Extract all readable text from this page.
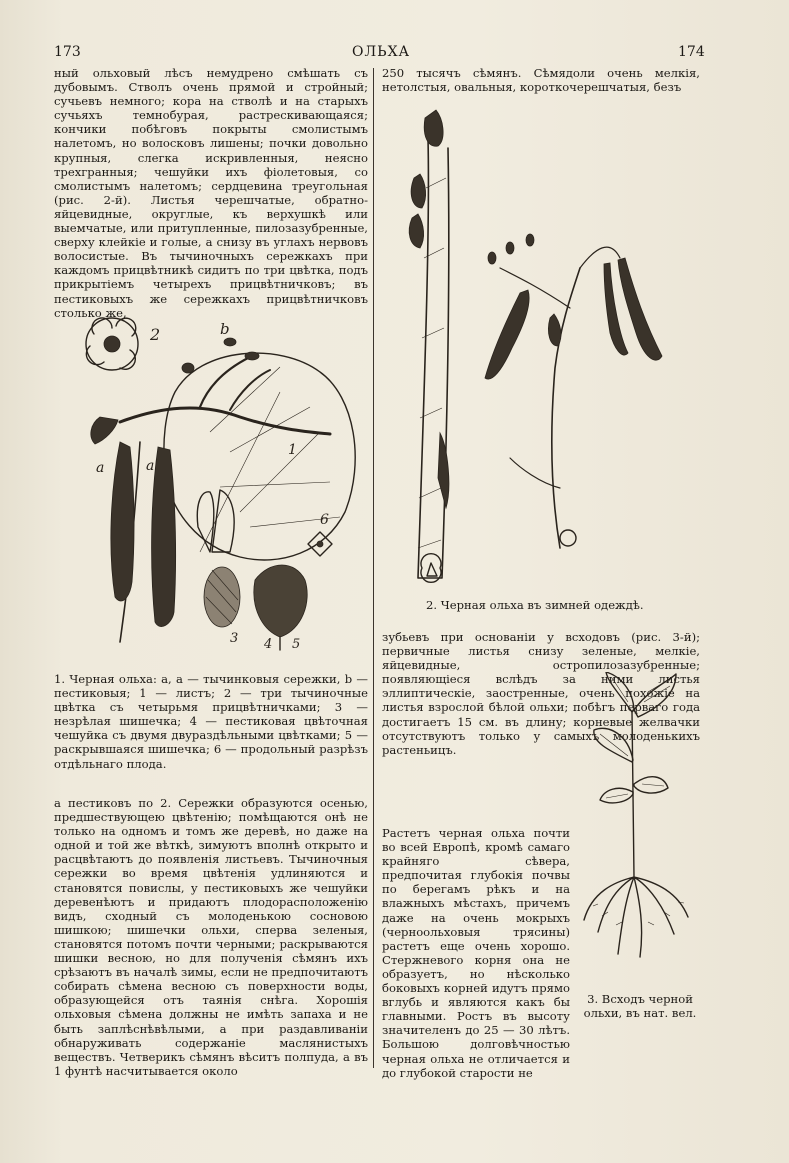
173	ОЛЬХА	174

ный ольховый лѣсъ немудрено смѣшать съ дубовымъ. Стволъ очень прямой и стройный; сучьевъ немного; кора на стволѣ и на старыхъ сучьяхъ темнобурая, растрескивающаяся; кончики побѣговъ покрыты смолистымъ налетомъ, но волосковъ лишены; почки довольно крупныя, слегка искривленныя, неясно трехгранныя; чешуйки ихъ фіолетовыя, со смолистымъ налетомъ; сердцевина треугольная (рис. 2-й). Листья черешчатые, обратно-яйцевидные, округлые, къ верхушкѣ или выемчатые, или притупленные, пилозазубренные, сверху клейкіе и голые, а снизу въ углахъ нервовъ волосистые. Въ тычиночныхъ сережкахъ при каждомъ прицвѣтникѣ сидитъ по три цвѣтка, подъ прикрытіемъ четырехъ прицвѣтничковъ; въ пестиковыхъ же сережкахъ прицвѣтничковъ столько же,

2	b
a	a
1
3 4 5
6

1. Черная ольха: а, а — тычинковыя сережки, b — пестиковыя; 1 — листъ; 2 — три тычиночные цвѣтка съ четырьмя прицвѣтничками; 3 — незрѣлая шишечка; 4 — пестиковая цвѣточная чешуйка съ двумя двураздѣльными цвѣтками; 5 — раскрывшаяся шишечка; 6 — продольный разрѣзъ отдѣльнаго плода.

а пестиковъ по 2. Сережки образуются осенью, предшествующею цвѣтенію; помѣщаются онѣ не только на одномъ и томъ же деревѣ, но даже на одной и той же вѣткѣ, зимуютъ вполнѣ открыто и расцвѣтаютъ до появленія листьевъ. Тычиночныя сережки во время цвѣтенія удлиняются и становятся повислы, у пестиковыхъ же чешуйки деревенѣютъ и придаютъ плодорасположенію видъ, сходный съ молоденькою сосновою шишкою; шишечки ольхи, сперва зеленыя, становятся потомъ почти черными; раскрываются шишки весною, но для полученія сѣмянъ ихъ срѣзаютъ въ началѣ зимы, если не предпочитаютъ собирать сѣмена весною съ поверхности воды, образующейся отъ таянія снѣга. Хорошія ольховыя сѣмена должны не имѣть запаха и не быть заплѣснѣвѣлыми, а при раздавливаніи обнаруживать содержаніе маслянистыхъ веществъ. Четверикъ сѣмянъ вѣситъ полпуда, а въ 1 фунтѣ насчитывается около

250 тысячъ сѣмянъ. Сѣмядоли очень мелкія, нетолстыя, овальныя, короткочерешчатыя, безъ

2. Черная ольха въ зимней одеждѣ.

зубьевъ при основаніи у всходовъ (рис. 3-й); первичные листья снизу зеленые, мелкіе, яйцевидные, остропилозазубренные; появляющіеся вслѣдъ за ними листья эллиптическіе, заостренные, очень похожіе на листья взрослой бѣлой ольхи; побѣгъ перваго года достигаетъ 15 см. въ длину; корневые желвачки отсутствуютъ только у самыхъ молоденькихъ растеньицъ.

Растетъ черная ольха почти во всей Европѣ, кромѣ самаго крайняго сѣвера, предпочитая глубокія почвы по берегамъ рѣкъ и на влажныхъ мѣстахъ, причемъ даже на очень мокрыхъ (черноольховыя трясины) растетъ еще очень хорошо. Стержневого корня она не образуетъ, но нѣсколько боковыхъ корней идутъ прямо вглубь и являются какъ бы главными. Ростъ въ высоту значителенъ до 25 — 30 лѣтъ. Большою долговѣчностью черная ольха не отличается и до глубокой старости не

3. Всходъ черной ольхи, въ нат. вел.
